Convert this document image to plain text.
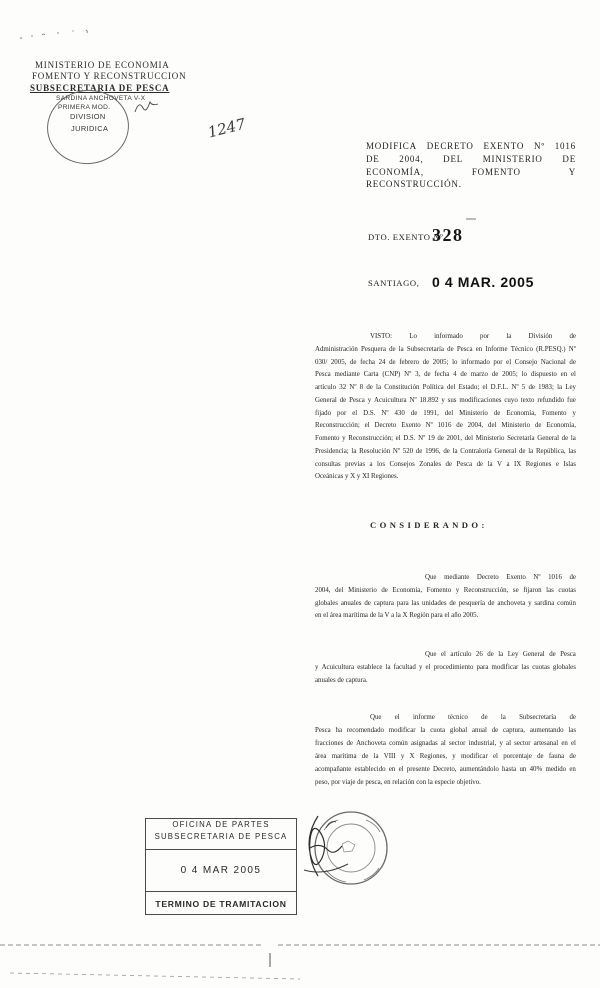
MINISTERIO DE ECONOMIA
FOMENTO Y RECONSTRUCCION
SUBSECRETARIA DE PESCA
SARDINA ANCHOVETA V-X
PRIMERA MOD.
DIVISION
JURIDICA	1247
MODIFICA DECRETO EXENTO Nº 1016
DE 2004, DEL MINISTERIO DE
ECONOMÍA,	FOMENTO	Y
RECONSTRUCCIÓN.
DTO. EXENTO Nº
328
SANTIAGO, 0 4 MAR. 2005
VISTO: Lo informado por la División de
Administración Pesquera de la Subsecretaría de Pesca en Informe Técnico (R.PESQ.) Nº
030/ 2005, de fecha 24 de febrero de 2005; lo informado por el Consejo Nacional de
Pesca mediante Carta (CNP) Nº 3, de fecha 4 de marzo de 2005; lo dispuesto en el
artículo 32 Nº 8 de la Constitución Política del Estado; el D.F.L. Nº 5 de 1983; la Ley
General de Pesca y Acuicultura Nº 18.892 y sus modificaciones cuyo texto refundido fue
fijado por el D.S. Nº 430 de 1991, del Ministerio de Economía, Fomento y
Reconstrucción; el Decreto Exento Nº 1016 de 2004, del Ministerio de Economía,
Fomento y Reconstrucción; el D.S. Nº 19 de 2001, del Ministerio Secretaría General de la
Presidencia; la Resolución Nº 520 de 1996, de la Contraloría General de la República, las
consultas previas a los Consejos Zonales de Pesca de la V a IX Regiones e Islas
Oceánicas y X y XI Regiones.
CONSIDERANDO:
Que mediante Decreto Exento Nº 1016 de
2004, del Ministerio de Economía, Fomento y Reconstrucción, se fijaron las cuotas
globales anuales de captura para las unidades de pesquería de anchoveta y sardina común
en el área marítima de la V a la X Región para el año 2005.
Que el artículo 26 de la Ley General de Pesca
y Acuicultura establece la facultad y el procedimiento para modificar las cuotas globales
anuales de captura.
Que el informe técnico de la Subsecretaría de
Pesca ha recomendado modificar la cuota global anual de captura, aumentando las
fracciones de Anchoveta común asignadas al sector industrial, y al sector artesanal en el
área marítima de la VIII y X Regiones, y modificar el porcentaje de fauna de
acompañante establecido en el presente Decreto, aumentándolo hasta un 40% medido en
peso, por viaje de pesca, en relación con la especie objetivo.
OFICINA DE PARTES
SUBSECRETARIA DE PESCA
0 4 MAR 2005
TERMINO DE TRAMITACION
